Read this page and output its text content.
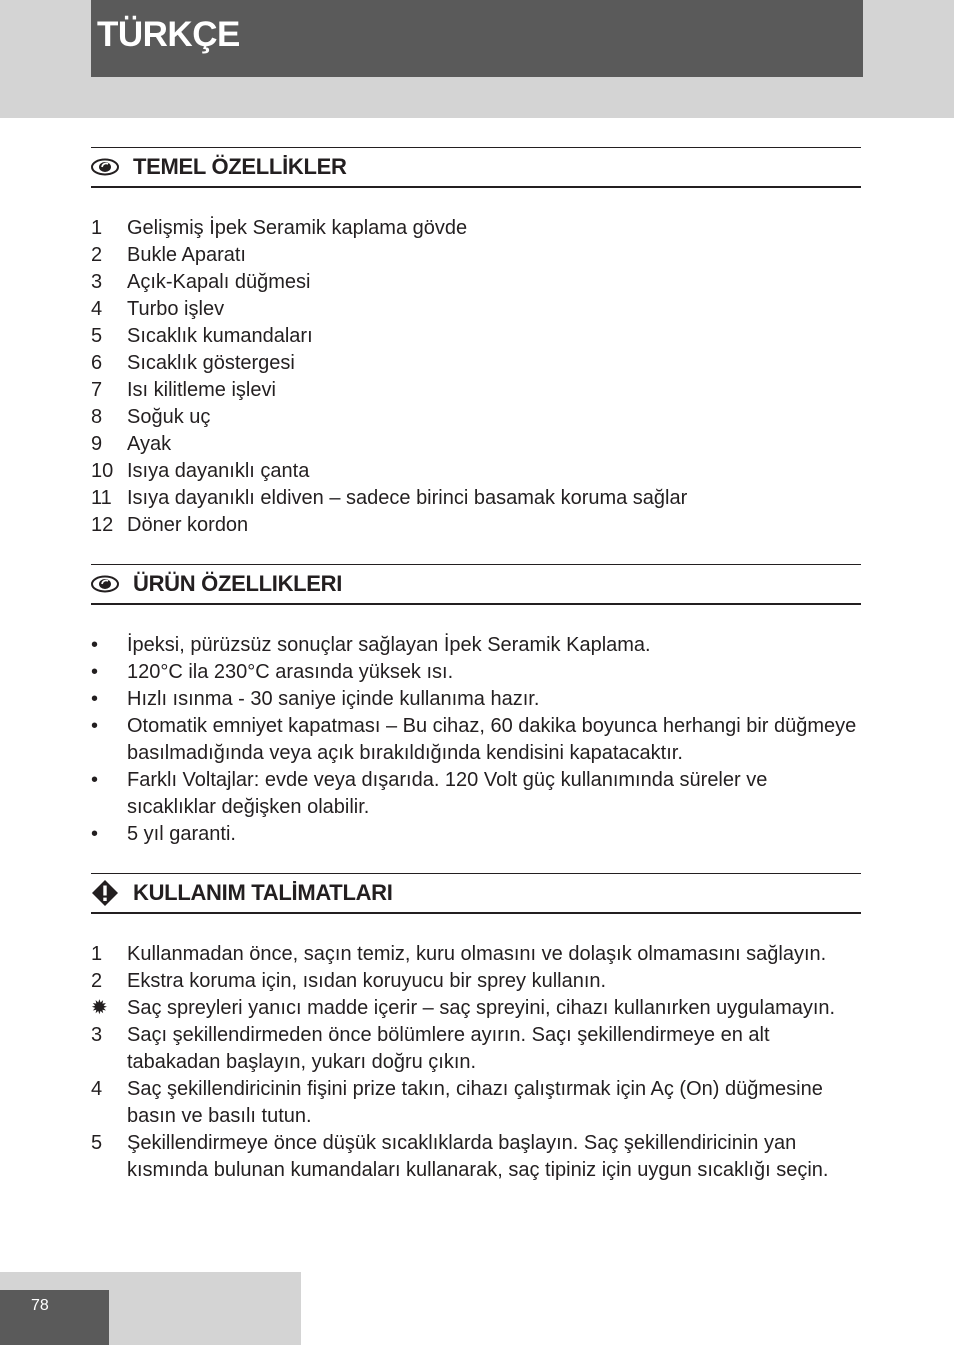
TÜRKÇE
TEMEL ÖZELLİKLER
1	Gelişmiş İpek Seramik kaplama gövde
2	Bukle Aparatı
3	Açık-Kapalı düğmesi
4	Turbo işlev
5	Sıcaklık kumandaları
6	Sıcaklık göstergesi
7	Isı kilitleme işlevi
8	Soğuk uç
9	Ayak
10 Isıya dayanıklı çanta
11 Isıya dayanıklı eldiven – sadece birinci basamak koruma sağlar
12 Döner kordon
ÜRÜN ÖZELLIKLERI
•	İpeksi, pürüzsüz sonuçlar sağlayan İpek Seramik Kaplama.
•	120°C ila 230°C arasında yüksek ısı.
•	Hızlı ısınma - 30 saniye içinde kullanıma hazır.
•	Otomatik emniyet kapatması – Bu cihaz, 60 dakika boyunca herhangi bir düğmeye basılmadığında veya açık bırakıldığında kendisini kapatacaktır.
•	Farklı Voltajlar: evde veya dışarıda. 120 Volt güç kullanımında süreler ve sıcaklıklar değişken olabilir.
•	5 yıl garanti.
KULLANIM TALİMATLARI
1	Kullanmadan önce, saçın temiz, kuru olmasını ve dolaşık olmamasını sağlayın.
2	Ekstra koruma için, ısıdan koruyucu bir sprey kullanın.
✹ Saç spreyleri yanıcı madde içerir – saç spreyini, cihazı kullanırken uygulamayın.
3	Saçı şekillendirmeden önce bölümlere ayırın. Saçı şekillendirmeye en alt tabakadan başlayın, yukarı doğru çıkın.
4	Saç şekillendiricinin fişini prize takın, cihazı çalıştırmak için Aç (On) düğmesine basın ve basılı tutun.
5	Şekillendirmeye önce düşük sıcaklıklarda başlayın. Saç şekillendiricinin yan kısmında bulunan kumandaları kullanarak, saç tipiniz için uygun sıcaklığı seçin.
78
